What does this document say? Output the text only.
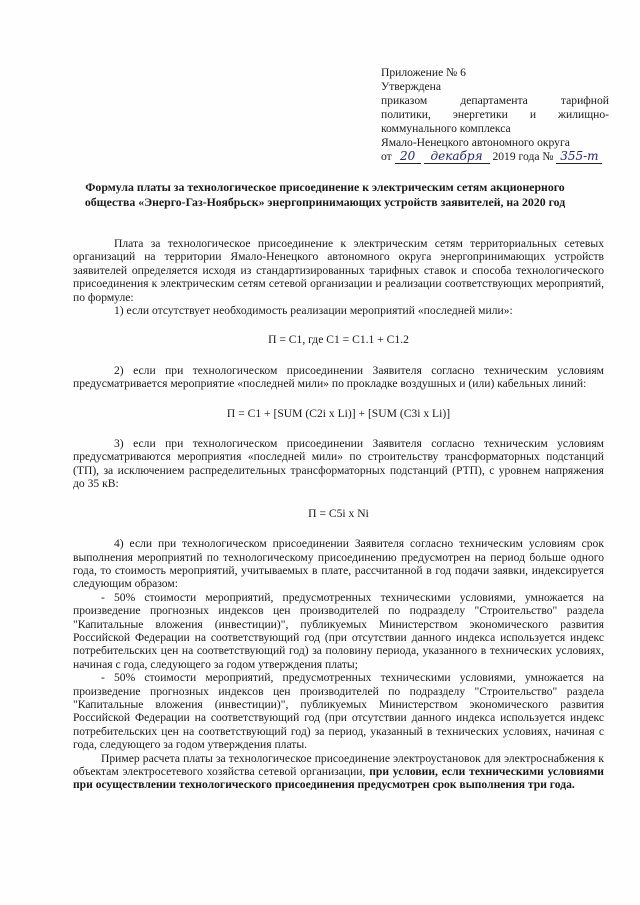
Приложение № 6
Утверждена
приказом	департамента	тарифной
политики, энергетики и жилищно-
коммунального комплекса
Ямало-Ненецкого автономного округа
от 20 декабря 2019 года № 355-т
Формула платы за технологическое присоединение к электрическим сетям акционерного общества «Энерго-Газ-Ноябрьск» энергопринимающих устройств заявителей, на 2020 год

Плата за технологическое присоединение к электрическим сетям территориальных сетевых организаций на территории Ямало-Ненецкого автономного округа энергопринимающих устройств заявителей определяется исходя из стандартизированных тарифных ставок и способа технологического присоединения к электрическим сетям сетевой организации и реализации соответствующих мероприятий, по формуле:

1) если отсутствует необходимость реализации мероприятий «последней мили»:

П = С1, где С1 = С1.1 + С1.2

2) если при технологическом присоединении Заявителя согласно техническим условиям предусматривается мероприятие «последней мили» по прокладке воздушных и (или) кабельных линий:

П = С1 + [SUM (C2i x Li)] + [SUM (C3i x Li)]

3) если при технологическом присоединении Заявителя согласно техническим условиям предусматриваются мероприятия «последней мили» по строительству трансформаторных подстанций (ТП), за исключением распределительных трансформаторных подстанций (РТП), с уровнем напряжения до 35 кВ:

П = С5i x Ni

4) если при технологическом присоединении Заявителя согласно техническим условиям срок выполнения мероприятий по технологическому присоединению предусмотрен на период больше одного года, то стоимость мероприятий, учитываемых в плате, рассчитанной в год подачи заявки, индексируется следующим образом:

- 50% стоимости мероприятий, предусмотренных техническими условиями, умножается на произведение прогнозных индексов цен производителей по подразделу "Строительство" раздела "Капитальные вложения (инвестиции)", публикуемых Министерством экономического развития Российской Федерации на соответствующий год (при отсутствии данного индекса используется индекс потребительских цен на соответствующий год) за половину периода, указанного в технических условиях, начиная с года, следующего за годом утверждения платы;

- 50% стоимости мероприятий, предусмотренных техническими условиями, умножается на произведение прогнозных индексов цен производителей по подразделу "Строительство" раздела "Капитальные вложения (инвестиции)", публикуемых Министерством экономического развития Российской Федерации на соответствующий год (при отсутствии данного индекса используется индекс потребительских цен на соответствующий год) за период, указанный в технических условиях, начиная с года, следующего за годом утверждения платы.

Пример расчета платы за технологическое присоединение электроустановок для электроснабжения к объектам электросетевого хозяйства сетевой организации, при условии, если техническими условиями при осуществлении технологического присоединения предусмотрен срок выполнения три года.
